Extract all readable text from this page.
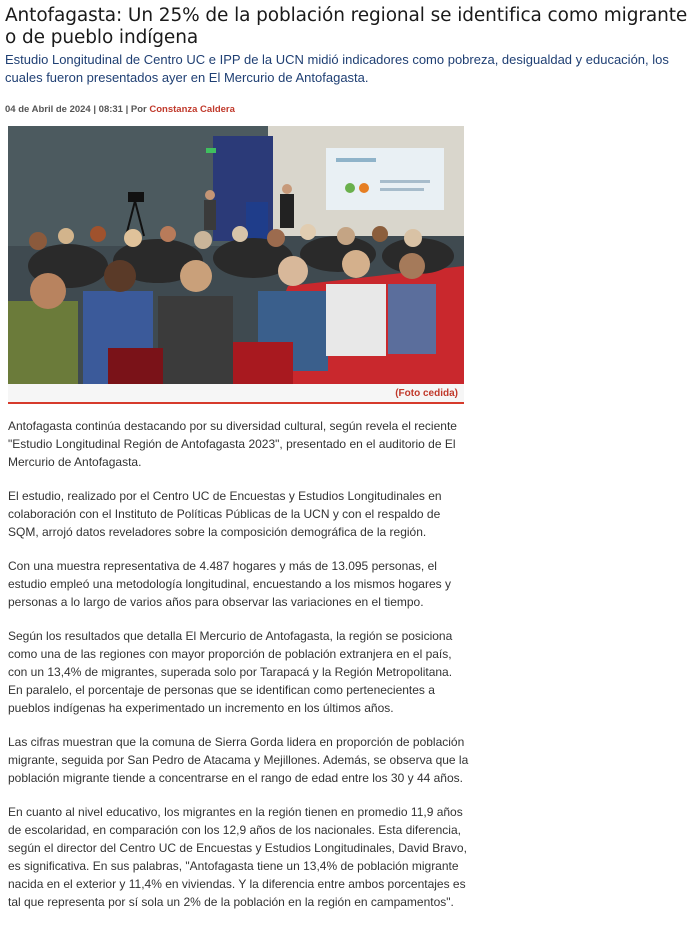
Antofagasta: Un 25% de la población regional se identifica como migrante o de pueblo indígena

Estudio Longitudinal de Centro UC e IPP de la UCN midió indicadores como pobreza, desigualdad y educación, los cuales fueron presentados ayer en El Mercurio de Antofagasta.

04 de Abril de 2024 | 08:31 | Por Constanza Caldera
(Foto cedida)

Antofagasta continúa destacando por su diversidad cultural, según revela el reciente "Estudio Longitudinal Región de Antofagasta 2023", presentado en el auditorio de El Mercurio de Antofagasta.

El estudio, realizado por el Centro UC de Encuestas y Estudios Longitudinales en colaboración con el Instituto de Políticas Públicas de la UCN y con el respaldo de SQM, arrojó datos reveladores sobre la composición demográfica de la región.

Con una muestra representativa de 4.487 hogares y más de 13.095 personas, el estudio empleó una metodología longitudinal, encuestando a los mismos hogares y personas a lo largo de varios años para observar las variaciones en el tiempo.

Según los resultados que detalla El Mercurio de Antofagasta, la región se posiciona como una de las regiones con mayor proporción de población extranjera en el país, con un 13,4% de migrantes, superada solo por Tarapacá y la Región Metropolitana. En paralelo, el porcentaje de personas que se identifican como pertenecientes a pueblos indígenas ha experimentado un incremento en los últimos años.

Las cifras muestran que la comuna de Sierra Gorda lidera en proporción de población migrante, seguida por San Pedro de Atacama y Mejillones. Además, se observa que la población migrante tiende a concentrarse en el rango de edad entre los 30 y 44 años.

En cuanto al nivel educativo, los migrantes en la región tienen en promedio 11,9 años de escolaridad, en comparación con los 12,9 años de los nacionales. Esta diferencia, según el director del Centro UC de Encuestas y Estudios Longitudinales, David Bravo, es significativa. En sus palabras, "Antofagasta tiene un 13,4% de población migrante nacida en el exterior y 11,4% en viviendas. Y la diferencia entre ambos porcentajes es tal que representa por sí sola un 2% de la población en la región en campamentos".
